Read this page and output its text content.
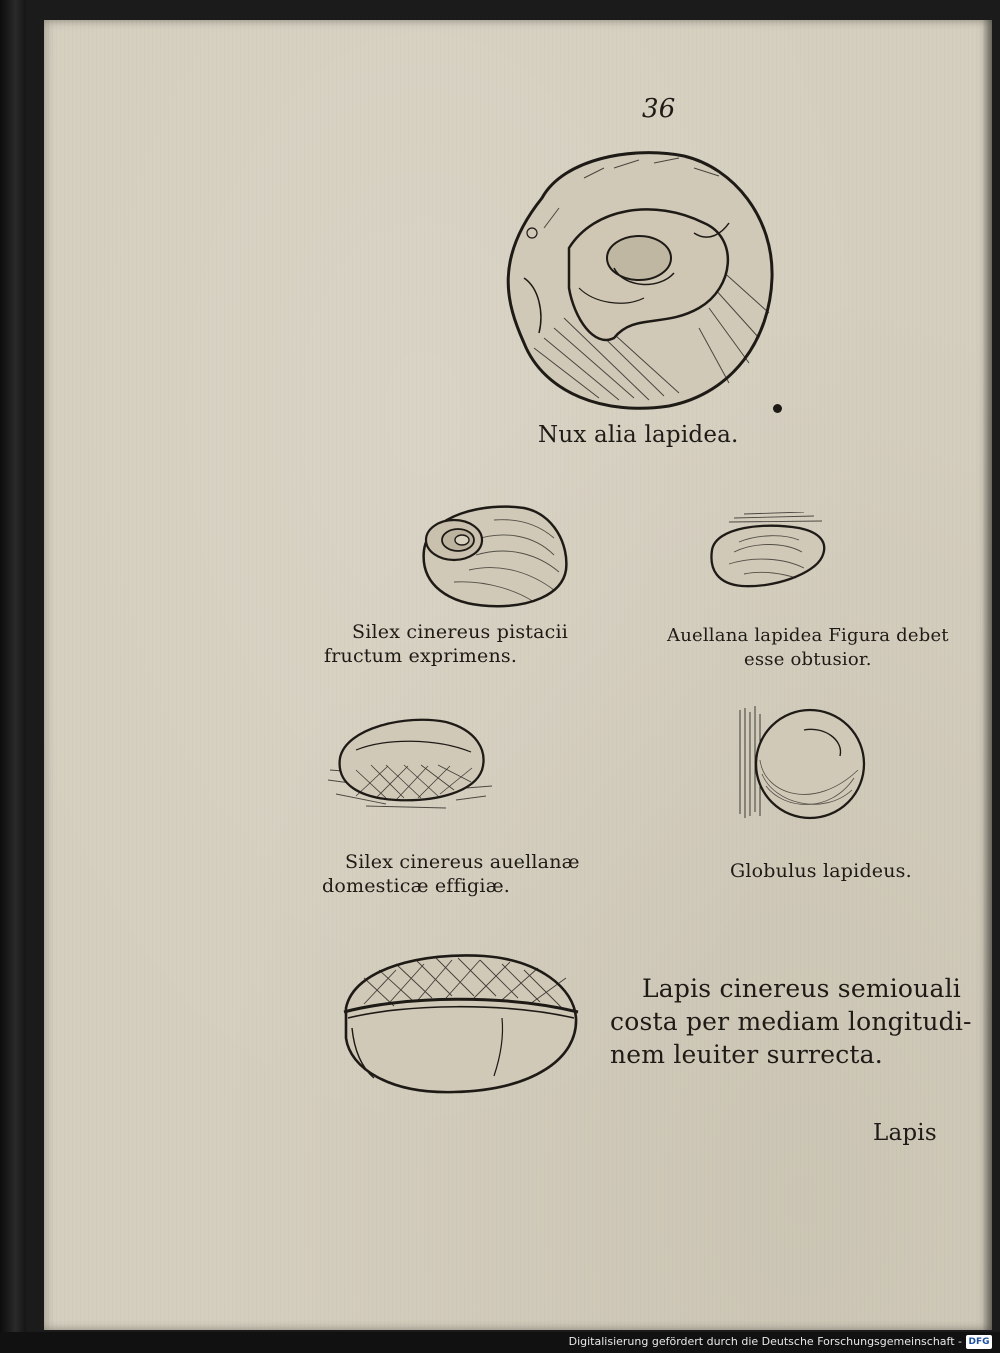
36
Nux alia lapidea.
Silex cinereus pistacii
fructum exprimens.
Auellana lapidea Figura debet
esse obtusior.
Silex cinereus auellanæ
domesticæ effigiæ.
Globulus lapideus.
Lapis cinereus semiouali
costa per mediam longitudi-
nem leuiter surrecta.
Lapis
Digitalisierung gefördert durch die Deutsche Forschungsgemeinschaft - DFG
